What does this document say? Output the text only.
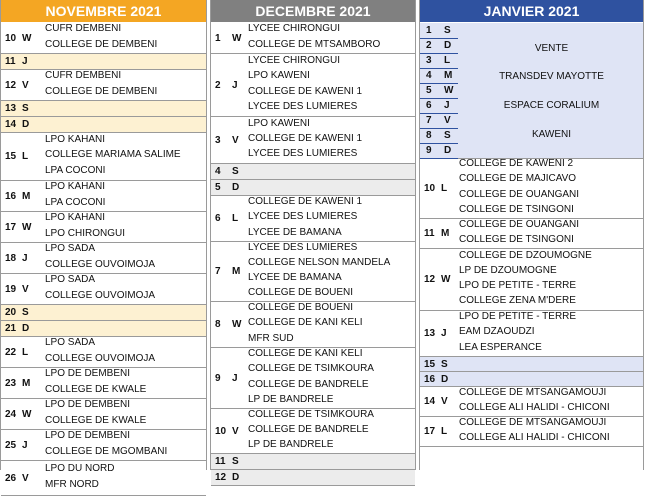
NOVEMBRE 2021
10 W
CUFR DEMBENI
COLLEGE DE DEMBENI
11 J
12 V
CUFR DEMBENI
COLLEGE DE DEMBENI
13 S
14 D
15 L
LPO KAHANI
COLLEGE MARIAMA SALIME
LPA COCONI
16 M
LPO KAHANI
LPA COCONI
17 W
LPO KAHANI
LPO CHIRONGUI
18 J
LPO SADA
COLLEGE OUVOIMOJA
19 V
LPO SADA
COLLEGE OUVOIMOJA
20 S
21 D
22 L
LPO SADA
COLLEGE OUVOIMOJA
23 M
LPO DE DEMBENI
COLLEGE DE KWALE
24 W
LPO DE DEMBENI
COLLEGE DE KWALE
25 J
LPO DE DEMBENI
COLLEGE DE MGOMBANI
26 V
LPO DU NORD
MFR NORD
DECEMBRE 2021
1 W
LYCEE CHIRONGUI
COLLEGE DE MTSAMBORO
2 J
LYCEE CHIRONGUI
LPO KAWENI
COLLEGE DE KAWENI 1
LYCEE DES LUMIERES
3 V
LPO KAWENI
COLLEGE DE KAWENI 1
LYCEE DES LUMIERES
4 S
5 D
6 L
COLLEGE DE KAWENI 1
LYCEE DES LUMIERES
LYCEE DE BAMANA
7 M
LYCEE DES LUMIERES
COLLEGE NELSON MANDELA
LYCEE DE BAMANA
COLLEGE DE BOUENI
8 W
COLLEGE DE BOUENI
COLLEGE DE KANI KELI
MFR SUD
9 J
COLLEGE DE KANI KELI
COLLEGE DE TSIMKOURA
COLLEGE DE BANDRELE
LP DE BANDRELE
10 V
COLLEGE DE TSIMKOURA
COLLEGE DE BANDRELE
LP DE BANDRELE
11 S
12 D
JANVIER 2021
1 S
2 D
3 L
4 M
5 W
6 J
7 V
8 S
9 D
VENTE
TRANSDEV MAYOTTE
ESPACE CORALIUM
KAWENI
10 L
COLLEGE DE KAWENI 2
COLLEGE DE MAJICAVO
COLLEGE DE OUANGANI
COLLEGE DE TSINGONI
11 M
COLLEGE DE OUANGANI
COLLEGE DE TSINGONI
12 W
COLLEGE DE DZOUMOGNE
LP DE DZOUMOGNE
LPO DE PETITE - TERRE
COLLEGE ZENA M'DERE
13 J
LPO DE PETITE - TERRE
EAM DZAOUDZI
LEA ESPERANCE
15 S
16 D
14 V
COLLEGE DE MTSANGAMOUJI
COLLEGE ALI HALIDI - CHICONI
17 L
COLLEGE DE MTSANGAMOUJI
COLLEGE ALI HALIDI - CHICONI
